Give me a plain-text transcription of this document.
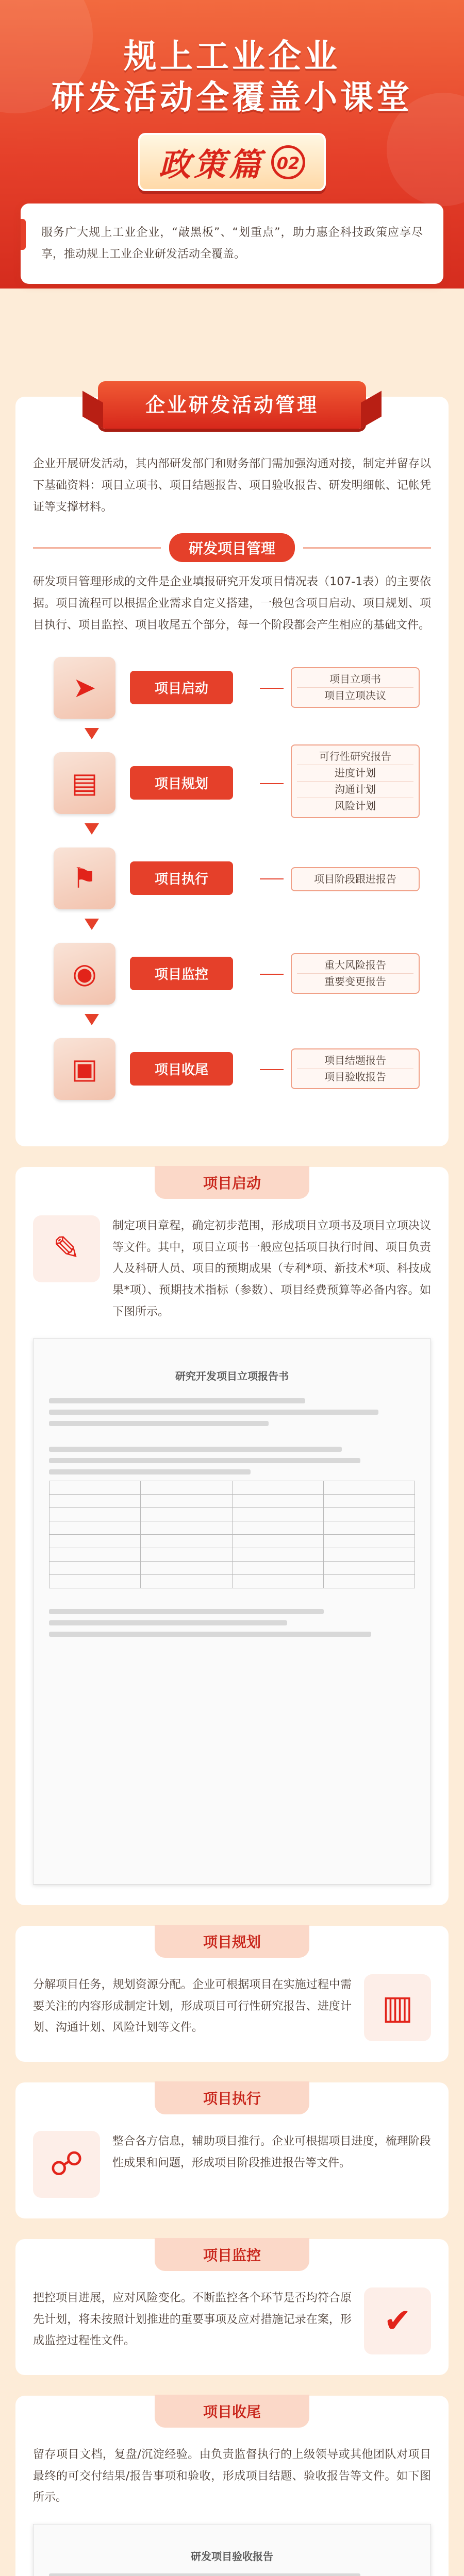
规上工业企业
研发活动全覆盖小课堂
政策篇 02

服务广大规上工业企业，“敲黑板”、“划重点”，助力惠企科技政策应享尽享，推动规上工业企业研发活动全覆盖。

企业研发活动管理

企业开展研发活动，其内部研发部门和财务部门需加强沟通对接，制定并留存以下基础资料：项目立项书、项目结题报告、项目验收报告、研发明细帐、记帐凭证等支撑材料。

研发项目管理

研发项目管理形成的文件是企业填报研究开发项目情况表（107-1表）的主要依据。项目流程可以根据企业需求自定义搭建，一般包含项目启动、项目规划、项目执行、项目监控、项目收尾五个部分，每一个阶段都会产生相应的基础文件。

➤	项目启动
项目立项书
项目立项决议
▤	项目规划
可行性研究报告
进度计划
沟通计划
风险计划
⚑	项目执行	项目阶段跟进报告
◉	项目监控
重大风险报告
重要变更报告
▣	项目收尾
项目结题报告
项目验收报告
项目启动
✎

制定项目章程，确定初步范围，形成项目立项书及项目立项决议等文件。其中，项目立项书一般应包括项目执行时间、项目负责人及科研人员、项目的预期成果（专利*项、新技术*项、科技成果*项）、预期技术指标（参数）、项目经费预算等必备内容。如下图所示。

研究开发项目立项报告书

项目规划

分解项目任务，规划资源分配。企业可根据项目在实施过程中需要关注的内容形成制定计划，形成项目可行性研究报告、进度计划、沟通计划、风险计划等文件。

▥
项目执行
☍

整合各方信息，辅助项目推行。企业可根据项目进度，梳理阶段性成果和问题，形成项目阶段推进报告等文件。

项目监控

把控项目进展，应对风险变化。不断监控各个环节是否均符合原先计划，将未按照计划推进的重要事项及应对措施记录在案，形成监控过程性文件。

✔
项目收尾

留存项目文档，复盘/沉淀经验。由负责监督执行的上级领导或其他团队对项目最终的可交付结果/报告事项和验收，形成项目结题、验收报告等文件。如下图所示。

研发项目验收报告
